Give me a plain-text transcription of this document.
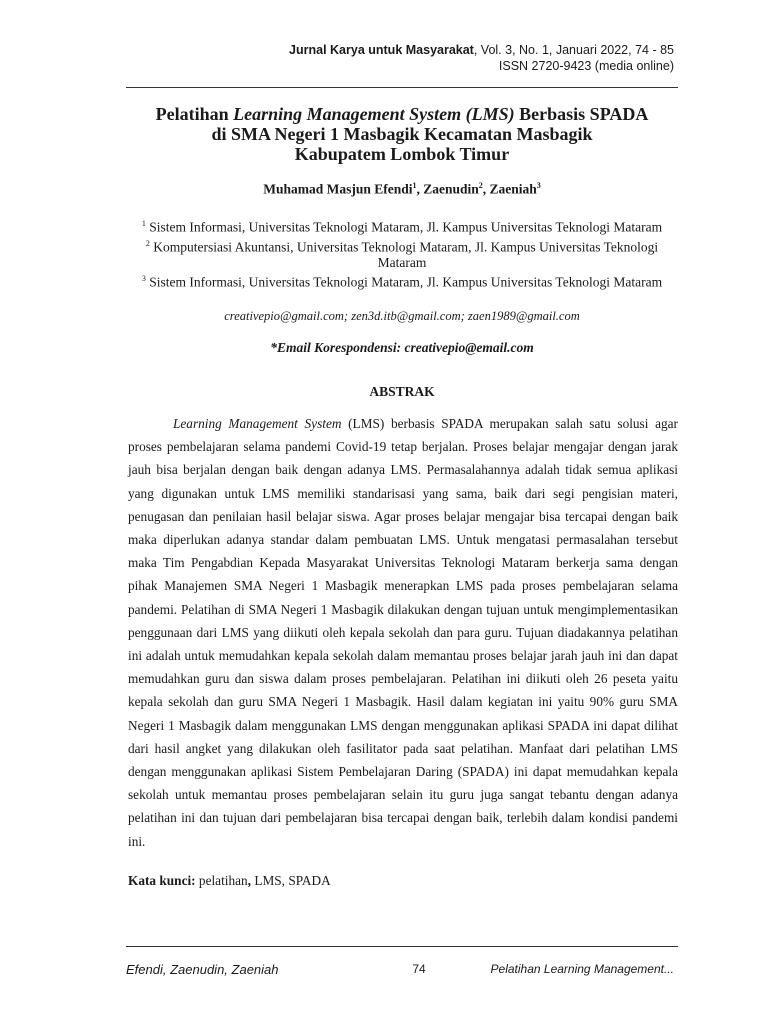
Jurnal Karya untuk Masyarakat, Vol. 3, No. 1, Januari 2022, 74 - 85
ISSN 2720-9423 (media online)
Pelatihan Learning Management System (LMS) Berbasis SPADA
di SMA Negeri 1 Masbagik Kecamatan Masbagik
Kabupatem Lombok Timur
Muhamad Masjun Efendi$^1$, Zaenudin$^2$, Zaeniah$^3$

$^1$ Sistem Informasi, Universitas Teknologi Mataram, Jl. Kampus Universitas Teknologi Mataram

$^2$ Komputersiasi Akuntansi, Universitas Teknologi Mataram, Jl. Kampus Universitas Teknologi Mataram

$^3$ Sistem Informasi, Universitas Teknologi Mataram, Jl. Kampus Universitas Teknologi Mataram

creativepio@gmail.com; zen3d.itb@gmail.com; zaen1989@gmail.com
*Email Korespondensi: creativepio@email.com
ABSTRAK

Learning Management System (LMS) berbasis SPADA merupakan salah satu solusi agar proses pembelajaran selama pandemi Covid-19 tetap berjalan. Proses belajar mengajar dengan jarak jauh bisa berjalan dengan baik dengan adanya LMS. Permasalahannya adalah tidak semua aplikasi yang digunakan untuk LMS memiliki standarisasi yang sama, baik dari segi pengisian materi, penugasan dan penilaian hasil belajar siswa. Agar proses belajar mengajar bisa tercapai dengan baik maka diperlukan adanya standar dalam pembuatan LMS. Untuk mengatasi permasalahan tersebut maka Tim Pengabdian Kepada Masyarakat Universitas Teknologi Mataram berkerja sama dengan pihak Manajemen SMA Negeri 1 Masbagik menerapkan LMS pada proses pembelajaran selama pandemi. Pelatihan di SMA Negeri 1 Masbagik dilakukan dengan tujuan untuk mengimplementasikan penggunaan dari LMS yang diikuti oleh kepala sekolah dan para guru. Tujuan diadakannya pelatihan ini adalah untuk memudahkan kepala sekolah dalam memantau proses belajar jarah jauh ini dan dapat memudahkan guru dan siswa dalam proses pembelajaran. Pelatihan ini diikuti oleh 26 peseta yaitu kepala sekolah dan guru SMA Negeri 1 Masbagik. Hasil dalam kegiatan ini yaitu 90% guru SMA Negeri 1 Masbagik dalam menggunakan LMS dengan menggunakan aplikasi SPADA ini dapat dilihat dari hasil angket yang dilakukan oleh fasilitator pada saat pelatihan. Manfaat dari pelatihan LMS dengan menggunakan aplikasi Sistem Pembelajaran Daring (SPADA) ini dapat memudahkan kepala sekolah untuk memantau proses pembelajaran selain itu guru juga sangat tebantu dengan adanya pelatihan ini dan tujuan dari pembelajaran bisa tercapai dengan baik, terlebih dalam kondisi pandemi ini.

Kata kunci: pelatihan, LMS, SPADA
Efendi, Zaenudin, Zaeniah	74	Pelatihan Learning Management...
